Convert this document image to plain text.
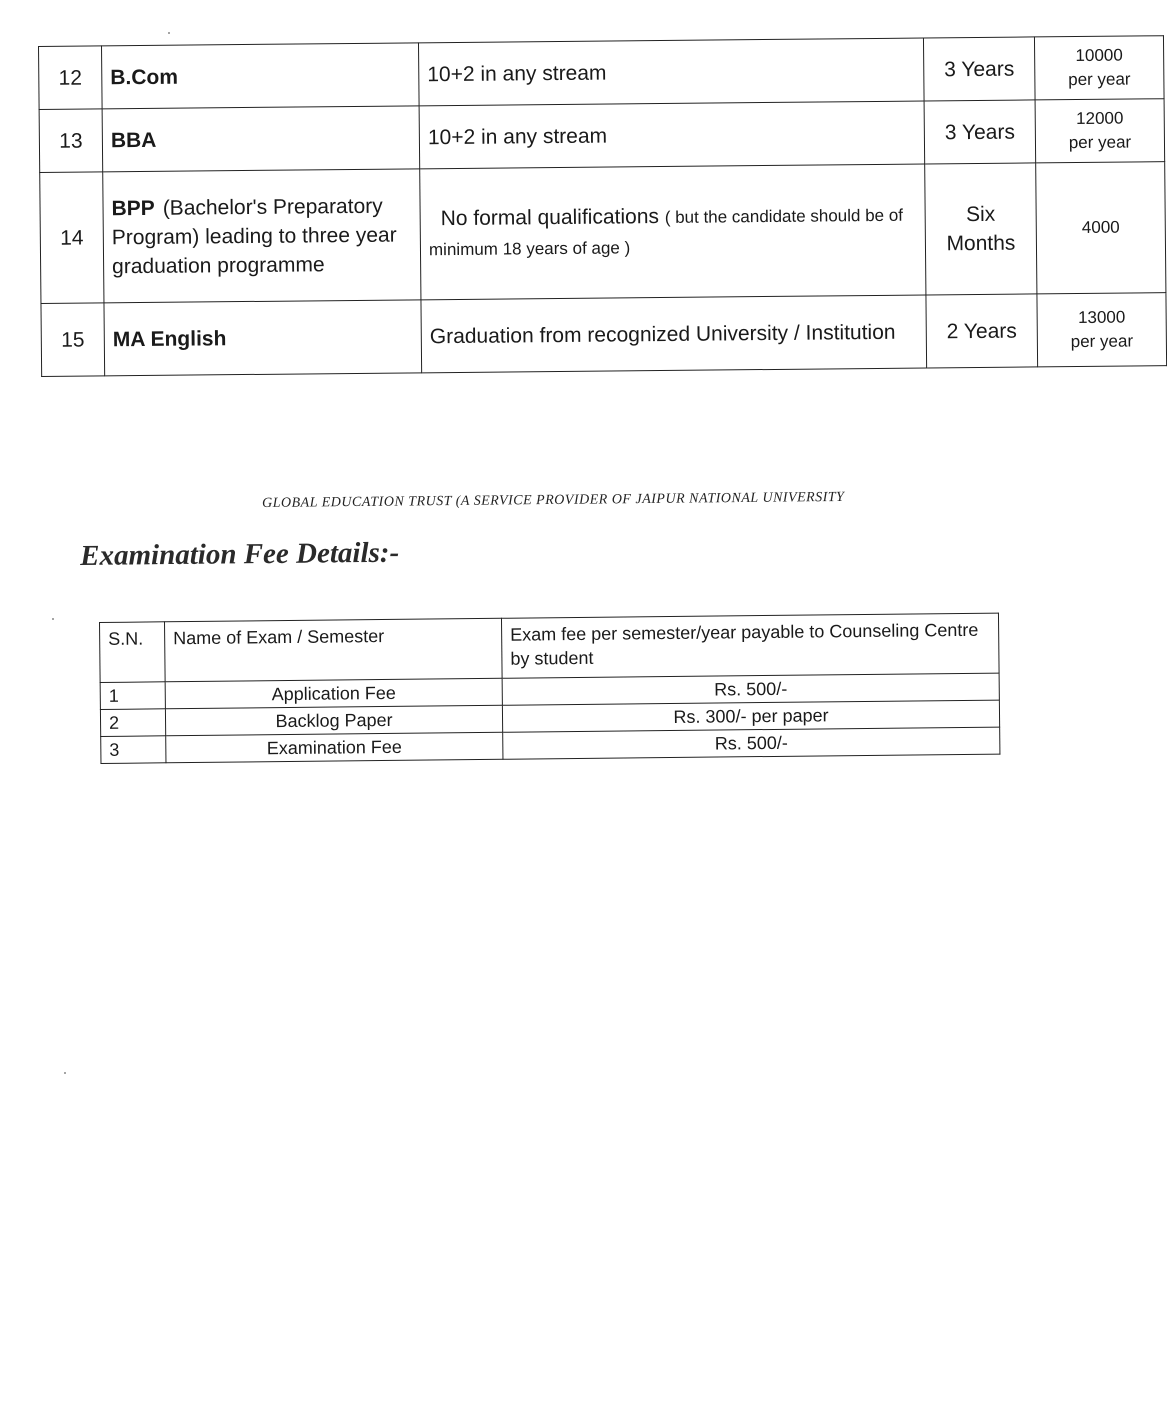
12	B.Com	10+2 in any stream	3 Years	10000
per year

13	BBA	10+2 in any stream	3 Years	12000
per year

14	BPP (Bachelor's Preparatory Program) leading to three year graduation programme	No formal qualifications ( but the candidate should be of minimum 18 years of age )	Six Months	4000

15	MA English	Graduation from recognized University / Institution	2 Years	13000
per year
GLOBAL EDUCATION TRUST (A SERVICE PROVIDER OF JAIPUR NATIONAL UNIVERSITY
Examination Fee Details:-
S.N.	Name of Exam / Semester	Exam fee per semester/year payable to Counseling Centre by student
1	Application Fee	Rs. 500/-
2	Backlog Paper	Rs. 300/- per paper
3	Examination Fee	Rs. 500/-
